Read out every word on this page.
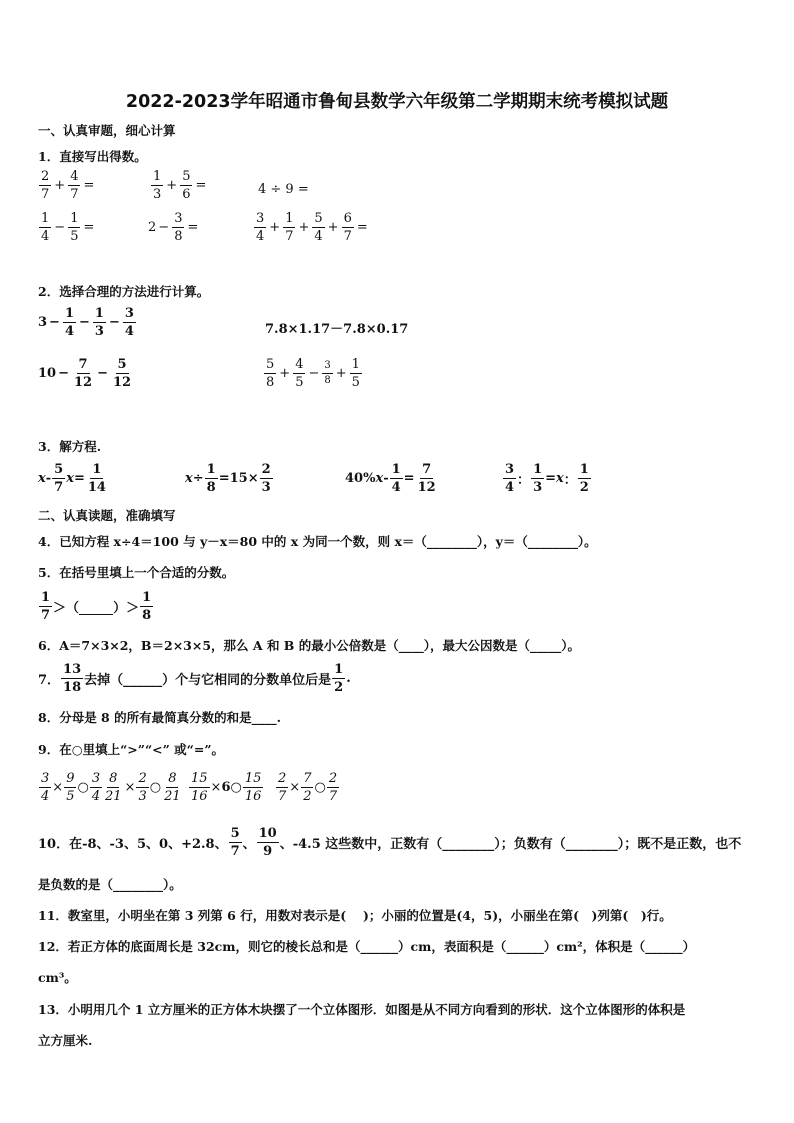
2022-2023学年昭通市鲁甸县数学六年级第二学期期末统考模拟试题
一、认真审题，细心计算
1．直接写出得数。
$\frac{2}{7} + \frac{4}{7}$ =	$\frac{1}{3} + \frac{5}{6}$ =	4 ÷ 9 =
$\frac{1}{4} - \frac{1}{5}$ =	$2 - \frac{3}{8}$ =	$\frac{3}{4} + \frac{1}{7} + \frac{5}{4} + \frac{6}{7}$ =
2．选择合理的方法进行计算。
$3 - \frac{1}{4} - \frac{1}{3} - \frac{3}{4}$	7.8×1.17－7.8×0.17
$10 - \frac{7}{12} - \frac{5}{12}$	$\frac{5}{8} + \frac{4}{5} - \frac{3}{8} + \frac{1}{5}$
3．解方程.
x - $\frac{5}{7}$ $x = \frac{1}{14}$	$x \div \frac{1}{8} =15\times \frac{2}{3}$	40% $x - \frac{1}{4} = \frac{7}{12}$	$\frac{3}{4}$ ： $\frac{1}{3} = x$ ： $\frac{1}{2}$
二、认真读题，准确填写
4．已知方程 x÷4＝100 与 y－x＝80 中的 x 为同一个数，则 x＝（________），y＝（________）。
5．在括号里填上一个合适的分数。
$\frac{1}{7}$ ＞（
	）＞ $\frac{1}{8}$
6．A＝7×3×2，B＝2×3×5，那么 A 和 B 的最小公倍数是（____），最大公因数是（_____）。
7． $\frac{13}{18}$ 去掉（______）个与它相同的分数单位后是 $\frac{1}{2}$ .
8．分母是 8 的所有最简真分数的和是____.
9．在○里填上“>”“<” 或“=”。
$\frac{3}{4} \times \frac{9}{5}$ ○ $\frac{3}{4} \frac{8}{21} \times \frac{2}{3}$ ○ $\frac{8}{21} \frac{15}{16} \times 6$ ○ $\frac{15}{16} \frac{2}{7} \times \frac{7}{2}$ ○ $\frac{2}{7}$
10．在-8、-3、5、0、+2.8、 $\frac{5}{7}$ 、 $\frac{10}{9}$ 、-4.5 这些数中，正数有（________）；负数有（________）；既不是正数，也不
是负数的是（________）。
11．教室里，小明坐在第 3 列第 6 行，用数对表示是(　 )；小丽的位置是(4，5)，小丽坐在第(　)列第(　)行。
12．若正方体的底面周长是 32cm，则它的棱长总和是（______）cm，表面积是（______）cm²，体积是（______）
cm³。
13．小明用几个 1 立方厘米的正方体木块摆了一个立体图形．如图是从不同方向看到的形状．这个立体图形的体积是
立方厘米.
